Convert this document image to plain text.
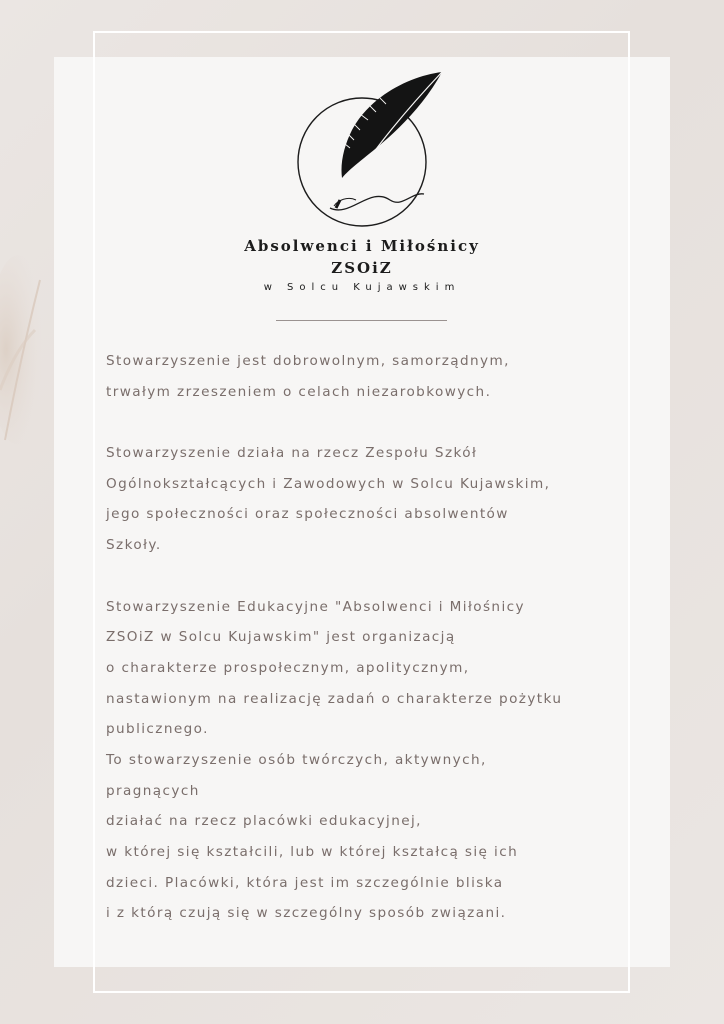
Absolwenci i Miłośnicy
ZSOiZ
w Solcu Kujawskim
Stowarzyszenie jest dobrowolnym, samorządnym,
trwałym zrzeszeniem o celach niezarobkowych.
Stowarzyszenie działa na rzecz Zespołu Szkół
Ogólnokształcących i Zawodowych w Solcu Kujawskim,
jego społeczności oraz społeczności absolwentów
Szkoły.
Stowarzyszenie Edukacyjne "Absolwenci i Miłośnicy
ZSOiZ w Solcu Kujawskim" jest organizacją
o charakterze prospołecznym, apolitycznym,
nastawionym na realizację zadań o charakterze pożytku
publicznego.
To stowarzyszenie osób twórczych, aktywnych,
pragnących
działać na rzecz placówki edukacyjnej,
w której się kształcili, lub w której kształcą się ich
dzieci. Placówki, która jest im szczególnie bliska
i z którą czują się w szczególny sposób związani.
